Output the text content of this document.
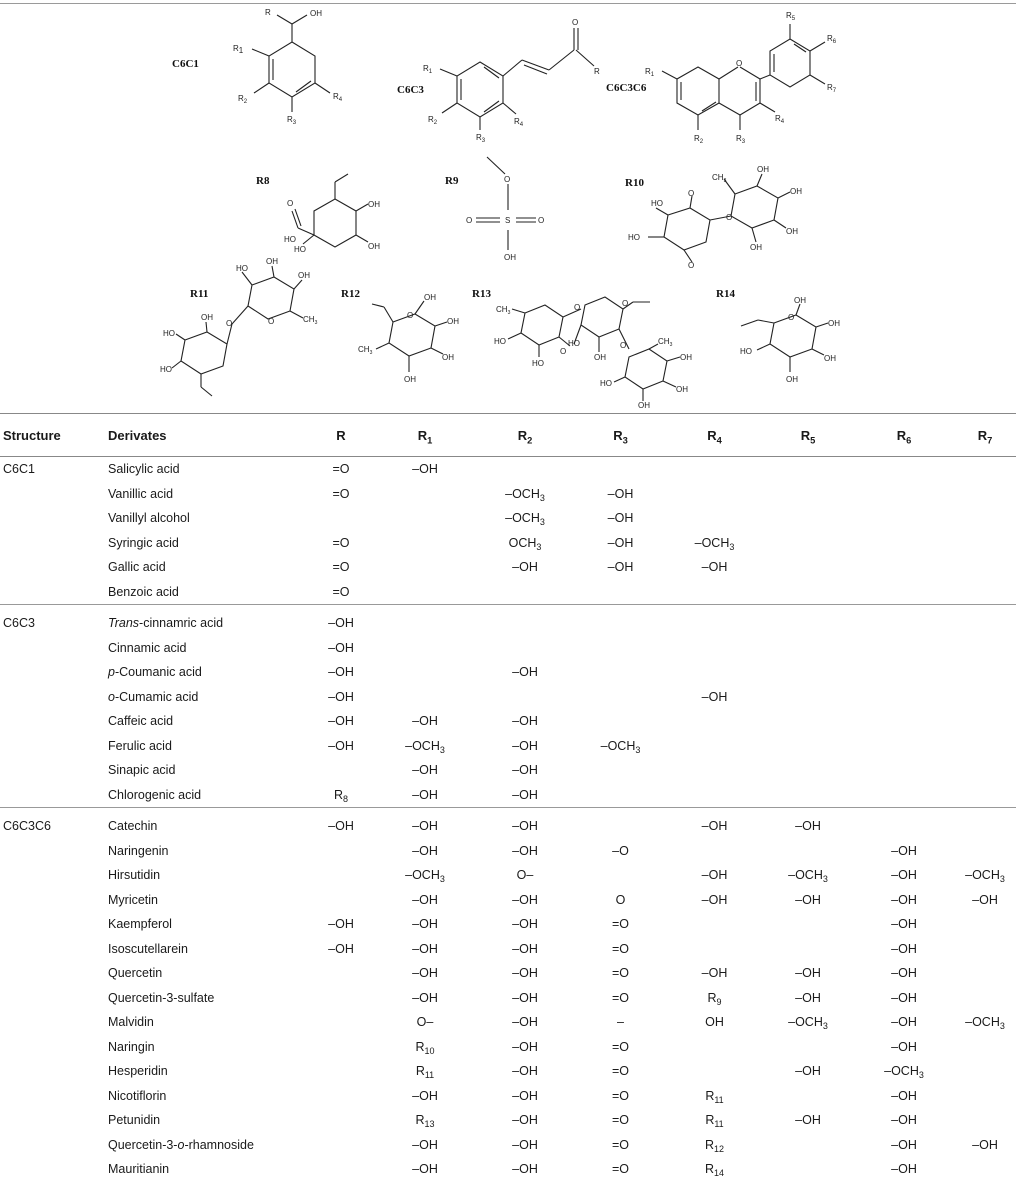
C6C1
R	OH
R1
$R_2$
$R_3$
$R_4$
C6C3
O
R
$R_1$
$R_2$
$R_3$
$R_4$
C6C3C6
O
$R_5$
$R_6$
$R_7$
$R_1$
$R_2$	$R_3$
$R_4$
R8
O
HO
HO
OH
OH
R9	O
S
O	O
OH
R10	$CH_3$
OH
OH
OH
OH
HO
HO
O
O
O
R11
HO
OH
OH
$CH_3$
OH
HO
HO
O
O
R12	OH
OH
OH
OH
$CH_3$
O
R13
$CH_3$
HO
HO
O
O	O
HO
OH
O	$CH_3$
OH
OH
OH
HO
R14
OH
OH
OH
OH
HO
O
Structure	Derivates	R	$R_1$	$R_2$	$R_3$	$R_4$	$R_5$	$R_6$	$R_7$
C6C1	Salicylic acid	=O	–OH						
	Vanillic acid	=O		$-OCH_3$	–OH				
	Vanillyl alcohol			$-OCH_3$	–OH				
	Syringic acid	=O		$OCH_3$	–OH	$-OCH_3$			
	Gallic acid	=O		–OH	–OH	–OH			
	Benzoic acid	=O							

C6C3	Trans-cinnamric acid	–OH							
	Cinnamic acid	–OH							
	p-Coumanic acid	–OH		–OH					
	o-Cumamic acid	–OH				–OH			
	Caffeic acid	–OH	–OH	–OH					
	Ferulic acid	–OH	$-OCH_3$	–OH	$-OCH_3$				
	Sinapic acid		–OH	–OH					
	Chlorogenic acid	$R_8$	–OH	–OH					

C6C3C6	Catechin	–OH	–OH	–OH		–OH	–OH		
	Naringenin		–OH	–OH	–O			–OH	
	Hirsutidin		$-OCH_3$	O–		–OH	$-OCH_3$	–OH	$-OCH_3$
	Myricetin		–OH	–OH	O	–OH	–OH	–OH	–OH
	Kaempferol	–OH	–OH	–OH	=O			–OH	
	Isoscutellarein	–OH	–OH	–OH	=O			–OH	
	Quercetin		–OH	–OH	=O	–OH	–OH	–OH	
	Quercetin-3-sulfate		–OH	–OH	=O	$R_9$	–OH	–OH	
	Malvidin		O–	–OH	–	OH	$-OCH_3$	–OH	$-OCH_3$
	Naringin		$R_{10}$	–OH	=O			–OH	
	Hesperidin		$R_{11}$	–OH	=O		–OH	$-OCH_3$	
	Nicotiflorin		–OH	–OH	=O	$R_{11}$		–OH	
	Petunidin		$R_{13}$	–OH	=O	$R_{11}$	–OH	–OH	
	Quercetin-3-o-rhamnoside		–OH	–OH	=O	$R_{12}$		–OH	–OH
	Mauritianin		–OH	–OH	=O	$R_{14}$		–OH	
